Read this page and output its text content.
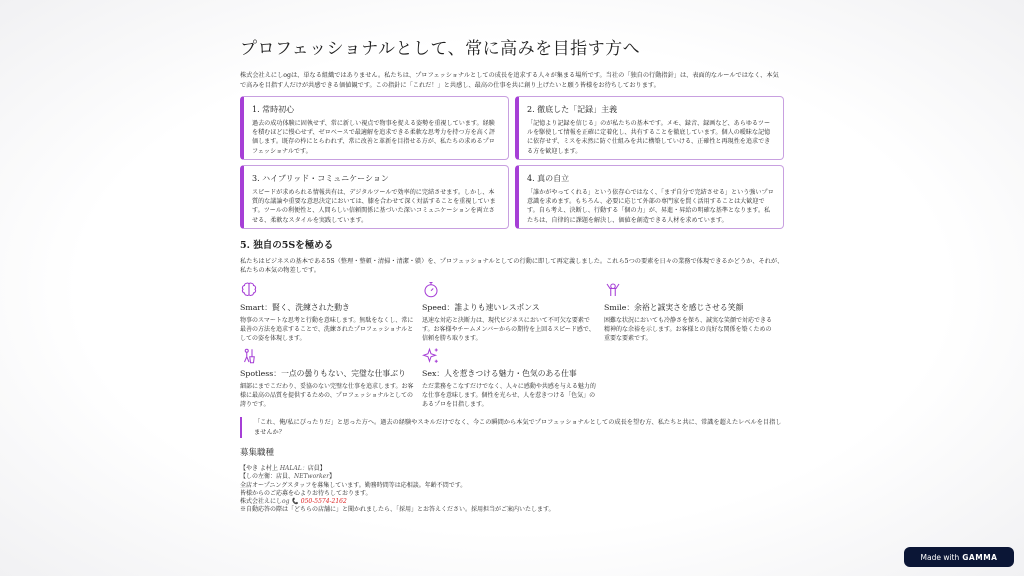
プロフェッショナルとして、常に高みを目指す方へ

株式会社えにしogは、単なる組織ではありません。私たちは、プロフェッショナルとしての成長を追求する人々が集まる場所です。当社の「独自の行動指針」は、表面的なルールではなく、本気で高みを目指す人だけが共感できる価値観です。この指針に「これだ！」と共感し、最高の仕事を共に創り上げたいと願う皆様をお待ちしております。

1. 常時初心
過去の成功体験に固執せず、常に新しい視点で物事を捉える姿勢を重視しています。経験を積むほどに慢心せず、ゼロベースで最適解を追求できる柔軟な思考力を持つ方を高く評価します。既存の枠にとらわれず、常に改善と革新を目指せる方が、私たちの求めるプロフェッショナルです。
2. 徹底した「記録」主義
「記憶より記録を信じる」のが私たちの基本です。メモ、録音、録画など、あらゆるツールを駆使して情報を正確に定着化し、共有することを徹底しています。個人の曖昧な記憶に依存せず、ミスを未然に防ぐ仕組みを共に構築していける、正確性と再現性を追求できる方を歓迎します。
3. ハイブリッド・コミュニケーション
スピードが求められる情報共有は、デジタルツールで効率的に完結させます。しかし、本質的な議論や重要な意思決定においては、膝を合わせて深く対話することを重視しています。ツールの利便性と、人間らしい信頼関係に基づいた深いコミュニケーションを両立させる、柔軟なスタイルを実践しています。
4. 真の自立
「誰かがやってくれる」という依存心ではなく、「まず自分で完結させる」という強いプロ意識を求めます。もちろん、必要に応じて外部の専門家を賢く活用することは大歓迎です。自ら考え、決断し、行動する「個の力」が、昇進・昇給の明確な基準となります。私たちは、自律的に課題を解決し、価値を創造できる人材を求めています。
5. 独自の5Sを極める

私たちはビジネスの基本である5S（整理・整頓・清掃・清潔・躾）を、プロフェッショナルとしての行動に即して再定義しました。これら5つの要素を日々の業務で体現できるかどうか、それが、私たちの本気の物差しです。

Smart：賢く、洗練された動き
物事のスマートな思考と行動を意味します。無駄をなくし、常に最善の方法を追求することで、洗練されたプロフェッショナルとしての姿を体現します。
Speed：誰よりも速いレスポンス
迅速な対応と決断力は、現代ビジネスにおいて不可欠な要素です。お客様やチームメンバーからの期待を上回るスピード感で、信頼を勝ち取ります。
Smile：余裕と誠実さを感じさせる笑顔
困難な状況においても冷静さを保ち、誠実な笑顔で対応できる精神的な余裕を示します。お客様との良好な関係を築くための重要な要素です。
Spotless：一点の曇りもない、完璧な仕事ぶり
細部にまでこだわり、妥協のない完璧な仕事を追求します。お客様に最高の品質を提供するための、プロフェッショナルとしての誇りです。
Sex：人を惹きつける魅力・色気のある仕事
ただ業務をこなすだけでなく、人々に感動や共感を与える魅力的な仕事を意味します。個性を光らせ、人を惹きつける「色気」のあるプロを目指します。
「これ、俺/私にぴったりだ」と思った方へ。過去の経験やスキルだけでなく、今この瞬間から本気でプロフェッショナルとしての成長を望む方、私たちと共に、常識を超えたレベルを目指しませんか？
募集職種
【やき よ村上 HALAL：店員】
【しの左衛：店員、NETworker】
全店オープニングスタッフを募集しています。勤務時間等は応相談。年齢不問です。
皆様からのご応募を心よりお待ちしております。
株式会社えにしog 📞 050-5574-2162
※自動応答の際は「どちらの店舗に」と聞かれましたら、「採用」とお答えください。採用担当がご案内いたします。
Made with GAMMA
